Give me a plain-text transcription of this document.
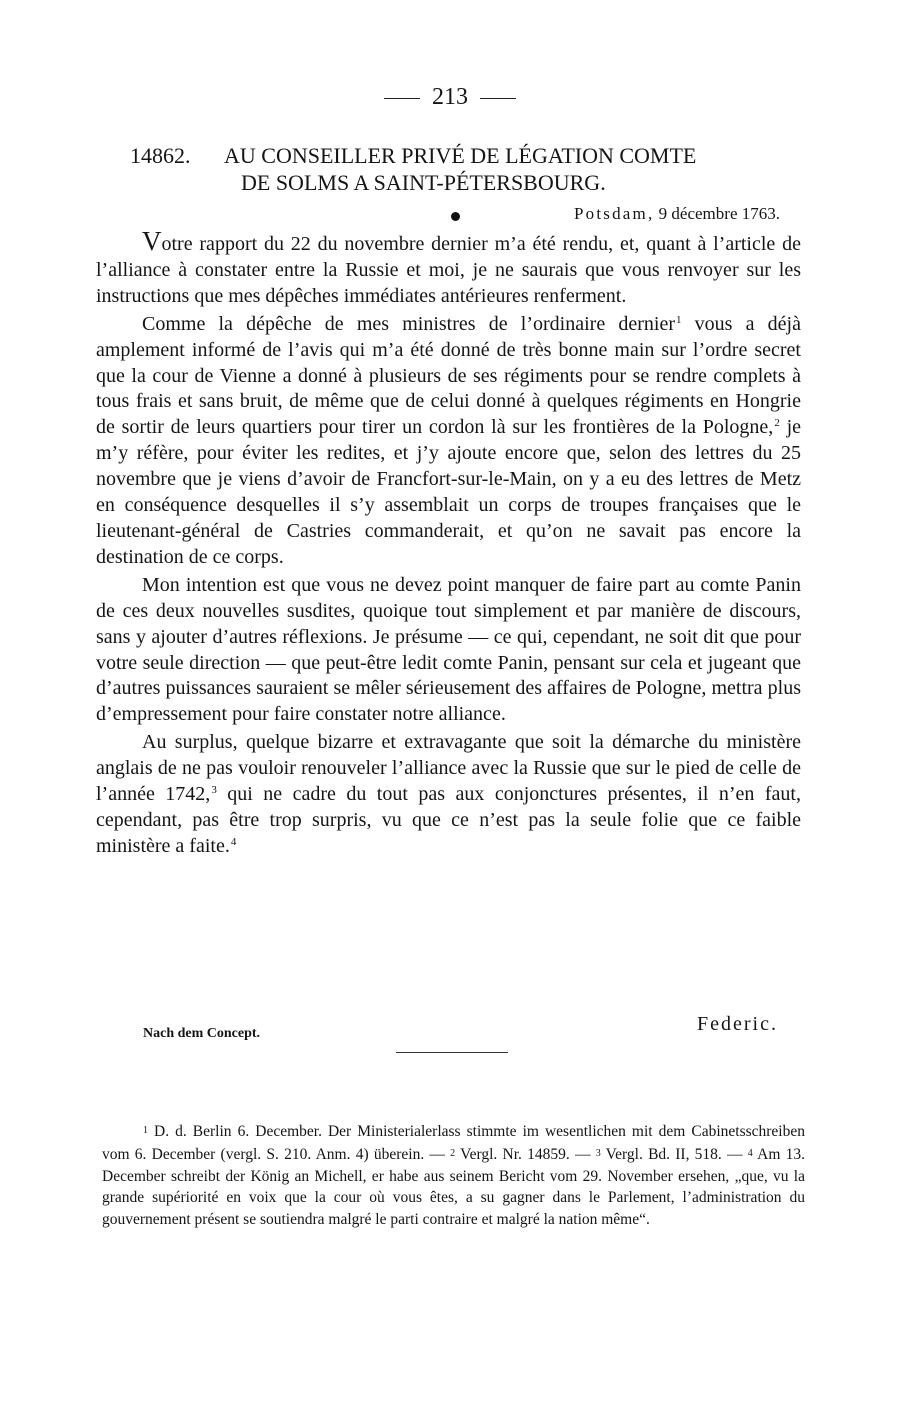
213
14862. AU CONSEILLER PRIVÉ DE LÉGATION COMTE
DE SOLMS A SAINT-PÉTERSBOURG.
Potsdam, 9 décembre 1763.

Votre rapport du 22 du novembre dernier m’a été rendu, et, quant à l’article de l’alliance à constater entre la Russie et moi, je ne saurais que vous renvoyer sur les instructions que mes dépêches immédiates antérieures renferment.

Comme la dépêche de mes ministres de l’ordinaire dernier$^1$ vous a déjà amplement informé de l’avis qui m’a été donné de très bonne main sur l’ordre secret que la cour de Vienne a donné à plusieurs de ses régiments pour se rendre complets à tous frais et sans bruit, de même que de celui donné à quelques régiments en Hongrie de sortir de leurs quartiers pour tirer un cordon là sur les frontières de la Pologne,$^2$ je m’y réfère, pour éviter les redites, et j’y ajoute encore que, selon des lettres du 25 novembre que je viens d’avoir de Francfort-sur-le-Main, on y a eu des lettres de Metz en conséquence desquelles il s’y assemblait un corps de troupes françaises que le lieutenant-général de Castries commanderait, et qu’on ne savait pas encore la destination de ce corps.

Mon intention est que vous ne devez point manquer de faire part au comte Panin de ces deux nouvelles susdites, quoique tout simplement et par manière de discours, sans y ajouter d’autres réflexions. Je présume — ce qui, cependant, ne soit dit que pour votre seule direction — que peut-être ledit comte Panin, pensant sur cela et jugeant que d’autres puissances sauraient se mêler sérieusement des affaires de Pologne, mettra plus d’empressement pour faire constater notre alliance.

Au surplus, quelque bizarre et extravagante que soit la démarche du ministère anglais de ne pas vouloir renouveler l’alliance avec la Russie que sur le pied de celle de l’année 1742,$^3$ qui ne cadre du tout pas aux conjonctures présentes, il n’en faut, cependant, pas être trop surpris, vu que ce n’est pas la seule folie que ce faible ministère a faite.$^4$

Nach dem Concept.	Federic.

1 D. d. Berlin 6. December. Der Ministerialerlass stimmte im wesentlichen mit dem Cabinetsschreiben vom 6. December (vergl. S. 210. Anm. 4) überein. — 2 Vergl. Nr. 14859. — 3 Vergl. Bd. II, 518. — 4 Am 13. December schreibt der König an Michell, er habe aus seinem Bericht vom 29. November ersehen, „que, vu la grande supériorité en voix que la cour où vous êtes, a su gagner dans le Parlement, l’administration du gouvernement présent se soutiendra malgré le parti contraire et malgré la nation même“.
